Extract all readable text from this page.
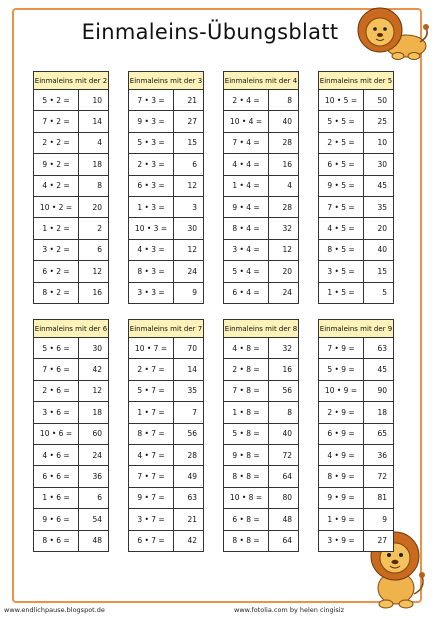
Einmaleins-Übungsblatt
Einmaleins mit der 2	
5 • 2 =	10
7 • 2 =	14
2 • 2 =	4
9 • 2 =	18
4 • 2 =	8
10 • 2 =	20
1 • 2 =	2
3 • 2 =	6
6 • 2 =	12
8 • 2 =	16
Einmaleins mit der 3	
7 • 3 =	21
9 • 3 =	27
5 • 3 =	15
2 • 3 =	6
6 • 3 =	12
1 • 3 =	3
10 • 3 =	30
4 • 3 =	12
8 • 3 =	24
3 • 3 =	9
Einmaleins mit der 4	
2 • 4 =	8
10 • 4 =	40
7 • 4 =	28
4 • 4 =	16
1 • 4 =	4
9 • 4 =	28
8 • 4 =	32
3 • 4 =	12
5 • 4 =	20
6 • 4 =	24
Einmaleins mit der 5	
10 • 5 =	50
5 • 5 =	25
2 • 5 =	10
6 • 5 =	30
9 • 5 =	45
7 • 5 =	35
4 • 5 =	20
8 • 5 =	40
3 • 5 =	15
1 • 5 =	5
Einmaleins mit der 6	
5 • 6 =	30
7 • 6 =	42
2 • 6 =	12
3 • 6 =	18
10 • 6 =	60
4 • 6 =	24
6 • 6 =	36
1 • 6 =	6
9 • 6 =	54
8 • 6 =	48
Einmaleins mit der 7	
10 • 7 =	70
2 • 7 =	14
5 • 7 =	35
1 • 7 =	7
8 • 7 =	56
4 • 7 =	28
7 • 7 =	49
9 • 7 =	63
3 • 7 =	21
6 • 7 =	42
Einmaleins mit der 8	
4 • 8 =	32
2 • 8 =	16
7 • 8 =	56
1 • 8 =	8
5 • 8 =	40
9 • 8 =	72
8 • 8 =	64
10 • 8 =	80
6 • 8 =	48
8 • 8 =	64
Einmaleins mit der 9	
7 • 9 =	63
5 • 9 =	45
10 • 9 =	90
2 • 9 =	18
6 • 9 =	65
4 • 9 =	36
8 • 9 =	72
9 • 9 =	81
1 • 9 =	9
3 • 9 =	27
www.endlichpause.blogspot.de	www.fotolia.com by helen cingisiz
